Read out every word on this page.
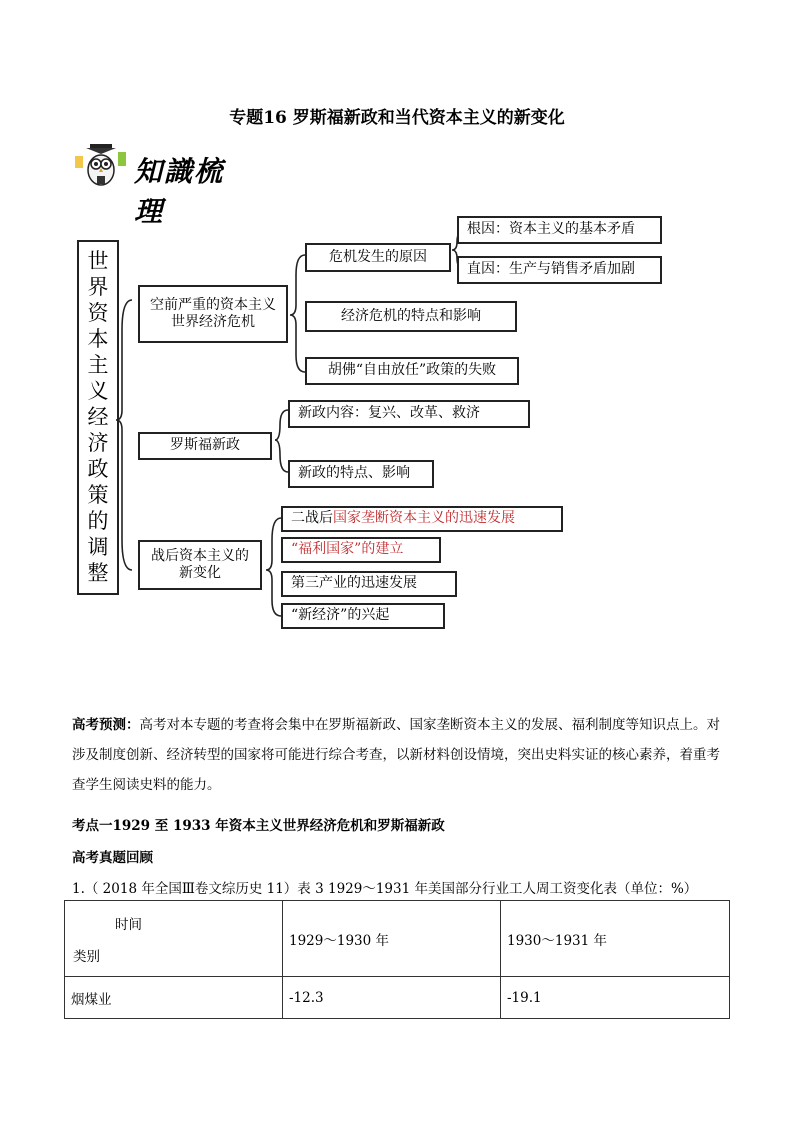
专题16 罗斯福新政和当代资本主义的新变化
知識梳理
世
界
资
本
主
义
经
济
政
策
的
调
整
空前严重的资本主义世界经济危机
危机发生的原因
根因：资本主义的基本矛盾
直因：生产与销售矛盾加剧
经济危机的特点和影响
胡佛“自由放任”政策的失败
罗斯福新政
新政内容：复兴、改革、救济
新政的特点、影响
战后资本主义的新变化
二战后 国家垄断资本主义的迅速发展
“福利国家”的建立
第三产业的迅速发展
“新经济”的兴起
高考预测：高考对本专题的考查将会集中在罗斯福新政、国家垄断资本主义的发展、福利制度等知识点上。对涉及制度创新、经济转型的国家将可能进行综合考查，以新材料创设情境，突出史料实证的核心素养，着重考查学生阅读史料的能力。
考点一1929 至 1933 年资本主义世界经济危机和罗斯福新政
高考真题回顾
1.（ 2018 年全国Ⅲ卷文综历史 11）表 3 1929～1931 年美国部分行业工人周工资变化表（单位：%）
时间
类别	1929～1930 年	1930～1931 年
烟煤业	-12.3	-19.1
